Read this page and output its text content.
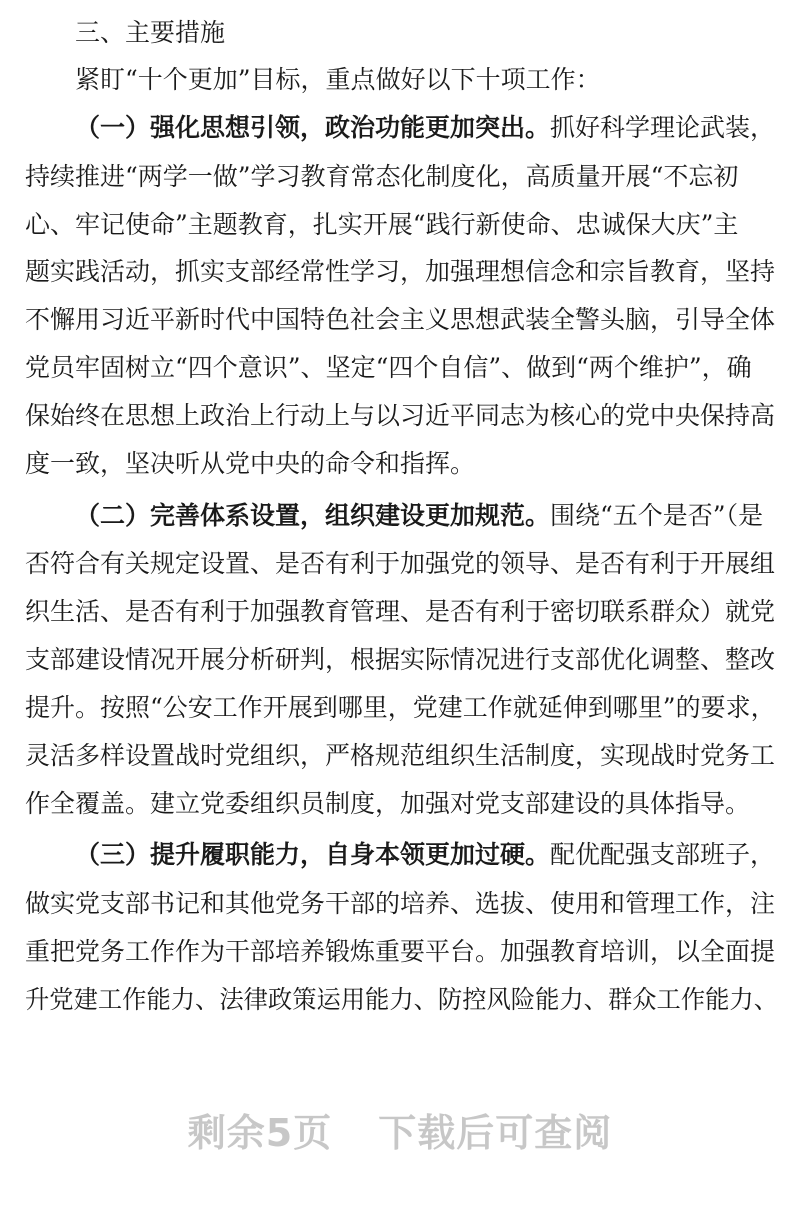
三、主要措施
紧盯“十个更加”目标，重点做好以下十项工作：
（一）强化思想引领，政治功能更加突出。抓好科学理论武装，
持续推进“两学一做”学习教育常态化制度化，高质量开展“不忘初
心、牢记使命”主题教育，扎实开展“践行新使命、忠诚保大庆”主
题实践活动，抓实支部经常性学习，加强理想信念和宗旨教育，坚持
不懈用习近平新时代中国特色社会主义思想武装全警头脑，引导全体
党员牢固树立“四个意识”、坚定“四个自信”、做到“两个维护”，确
保始终在思想上政治上行动上与以习近平同志为核心的党中央保持高
度一致，坚决听从党中央的命令和指挥。
（二）完善体系设置，组织建设更加规范。围绕“五个是否”（是
否符合有关规定设置、是否有利于加强党的领导、是否有利于开展组
织生活、是否有利于加强教育管理、是否有利于密切联系群众）就党
支部建设情况开展分析研判，根据实际情况进行支部优化调整、整改
提升。按照“公安工作开展到哪里，党建工作就延伸到哪里”的要求，
灵活多样设置战时党组织，严格规范组织生活制度，实现战时党务工
作全覆盖。建立党委组织员制度，加强对党支部建设的具体指导。
（三）提升履职能力，自身本领更加过硬。配优配强支部班子，
做实党支部书记和其他党务干部的培养、选拔、使用和管理工作，注
重把党务工作作为干部培养锻炼重要平台。加强教育培训，以全面提
升党建工作能力、法律政策运用能力、防控风险能力、群众工作能力、
剩余5页 下载后可查阅
